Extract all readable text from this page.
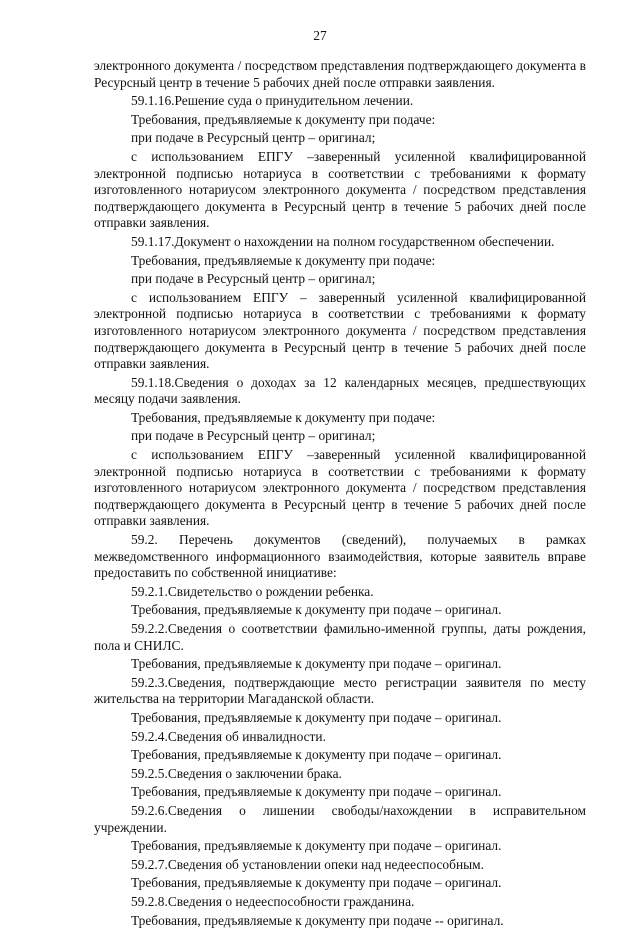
27

электронного документа / посредством представления подтверждающего документа в Ресурсный центр в течение 5 рабочих дней после отправки заявления.

59.1.16.Решение суда о принудительном лечении.

Требования, предъявляемые к документу при подаче:

при подаче в Ресурсный центр – оригинал;

с использованием ЕПГУ –заверенный усиленной квалифицированной электронной подписью нотариуса в соответствии с требованиями к формату изготовленного нотариусом электронного документа / посредством представления подтверждающего документа в Ресурсный центр в течение 5 рабочих дней после отправки заявления.

59.1.17.Документ о нахождении на полном государственном обеспечении.

Требования, предъявляемые к документу при подаче:

при подаче в Ресурсный центр – оригинал;

с использованием ЕПГУ – заверенный усиленной квалифицированной электронной подписью нотариуса в соответствии с требованиями к формату изготовленного нотариусом электронного документа / посредством представления подтверждающего документа в Ресурсный центр в течение 5 рабочих дней после отправки заявления.

59.1.18.Сведения о доходах за 12 календарных месяцев, предшествующих месяцу подачи заявления.

Требования, предъявляемые к документу при подаче:

при подаче в Ресурсный центр – оригинал;

с использованием ЕПГУ –заверенный усиленной квалифицированной электронной подписью нотариуса в соответствии с требованиями к формату изготовленного нотариусом электронного документа / посредством представления подтверждающего документа в Ресурсный центр в течение 5 рабочих дней после отправки заявления.

59.2. Перечень документов (сведений), получаемых в рамках межведомственного информационного взаимодействия, которые заявитель вправе предоставить по собственной инициативе:

59.2.1.Свидетельство о рождении ребенка.

Требования, предъявляемые к документу при подаче – оригинал.

59.2.2.Сведения о соответствии фамильно-именной группы, даты рождения, пола и СНИЛС.

Требования, предъявляемые к документу при подаче – оригинал.

59.2.3.Сведения, подтверждающие место регистрации заявителя по месту жительства на территории Магаданской области.

Требования, предъявляемые к документу при подаче – оригинал.

59.2.4.Сведения об инвалидности.

Требования, предъявляемые к документу при подаче – оригинал.

59.2.5.Сведения о заключении брака.

Требования, предъявляемые к документу при подаче – оригинал.

59.2.6.Сведения о лишении свободы/нахождении в исправительном учреждении.

Требования, предъявляемые к документу при подаче – оригинал.

59.2.7.Сведения об установлении опеки над недееспособным.

Требования, предъявляемые к документу при подаче – оригинал.

59.2.8.Сведения о недееспособности гражданина.

Требования, предъявляемые к документу при подаче -- оригинал.
